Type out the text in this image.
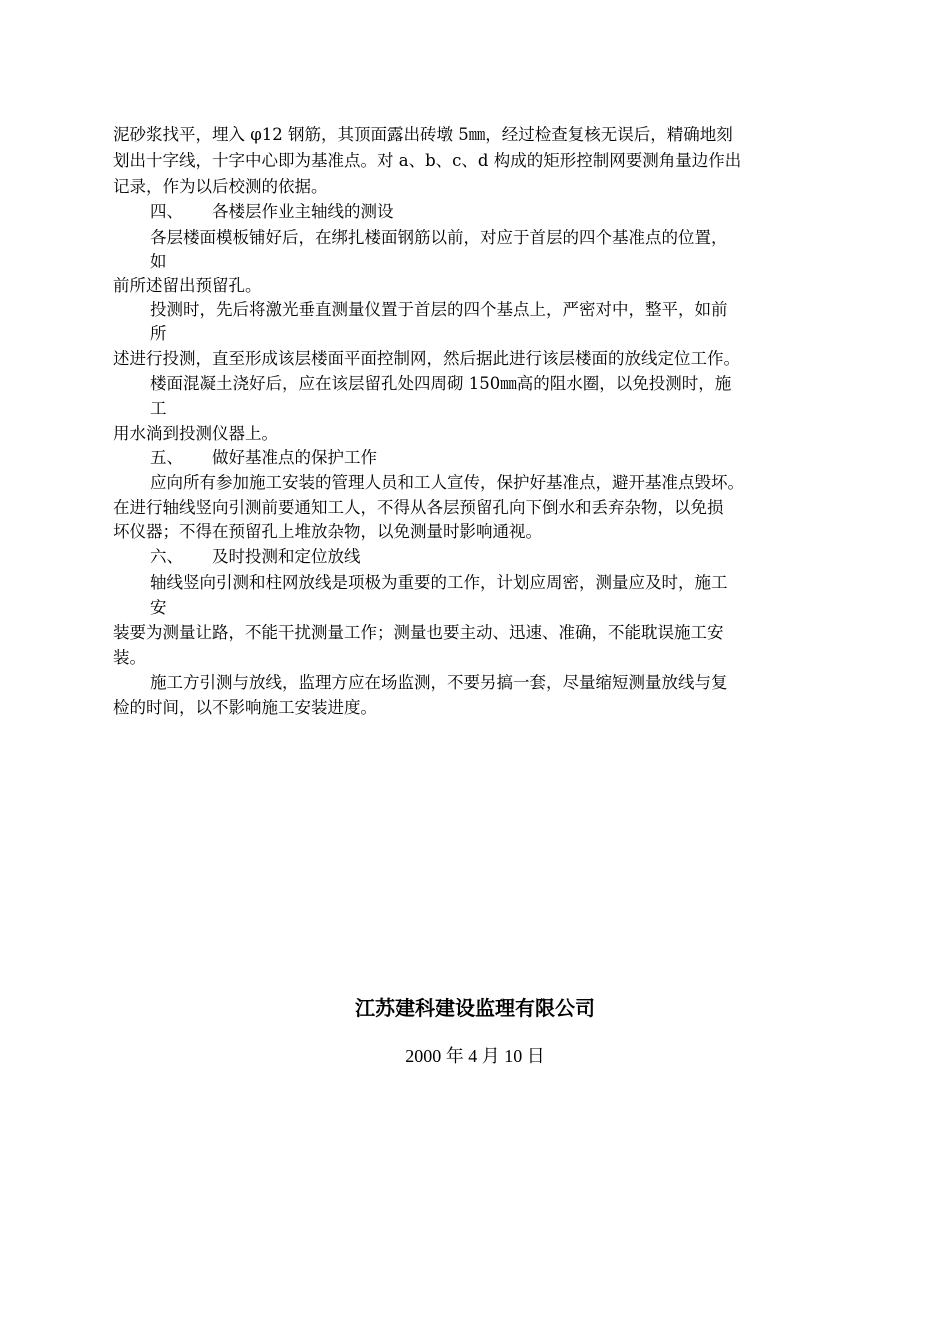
泥砂浆找平，埋入 φ12 钢筋，其顶面露出砖墩 5㎜，经过检查复核无误后，精确地刻
划出十字线，十字中心即为基准点。对 a、b、c、d 构成的矩形控制网要测角量边作出
记录，作为以后校测的依据。
四、 各楼层作业主轴线的测设
各层楼面模板铺好后，在绑扎楼面钢筋以前，对应于首层的四个基准点的位置，
如
前所述留出预留孔。
投测时，先后将激光垂直测量仪置于首层的四个基点上，严密对中，整平，如前
所
述进行投测，直至形成该层楼面平面控制网，然后据此进行该层楼面的放线定位工作。
楼面混凝土浇好后，应在该层留孔处四周砌 150㎜高的阻水圈，以免投测时，施
工
用水淌到投测仪器上。
五、 做好基准点的保护工作
应向所有参加施工安装的管理人员和工人宣传，保护好基准点，避开基准点毁坏。
在进行轴线竖向引测前要通知工人，不得从各层预留孔向下倒水和丢弃杂物，以免损
坏仪器；不得在预留孔上堆放杂物，以免测量时影响通视。
六、 及时投测和定位放线
轴线竖向引测和柱网放线是项极为重要的工作，计划应周密，测量应及时，施工
安
装要为测量让路，不能干扰测量工作；测量也要主动、迅速、准确，不能耽误施工安
装。
施工方引测与放线，监理方应在场监测，不要另搞一套，尽量缩短测量放线与复
检的时间，以不影响施工安装进度。
江苏建科建设监理有限公司
2000 年 4 月 10 日
